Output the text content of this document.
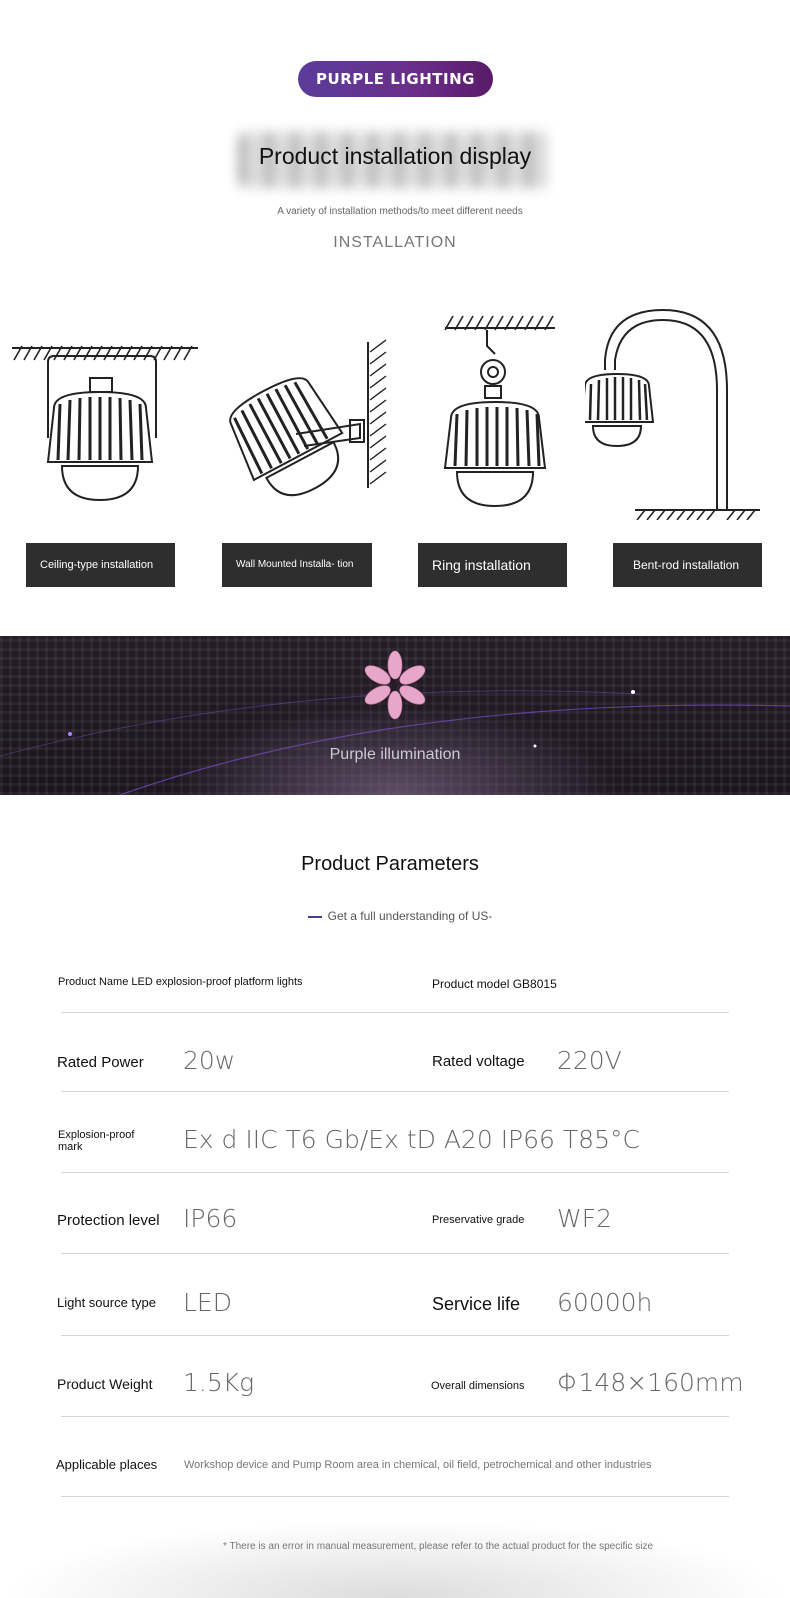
PURPLE LIGHTING
Product installation display
A variety of installation methods/to meet different needs
INSTALLATION
Ceiling-type installation	Wall Mounted Installa- tion	Ring installation	Bent-rod installation
Purple illumination
Product Parameters
Get a full understanding of US-
Product Name LED explosion-proof platform lights	Product model GB8015
Rated Power 20w	Rated voltage 220V
Explosion-proof mark	Ex d IIC T6 Gb/Ex tD A20 IP66 T85°C
Protection level IP66	Preservative grade WF2
Light source type LED	Service life 60000h
Product Weight 1.5Kg	Overall dimensions Φ148×160mm
Applicable places Workshop device and Pump Room area in chemical, oil field, petrochemical and other industries
* There is an error in manual measurement, please refer to the actual product for the specific size
